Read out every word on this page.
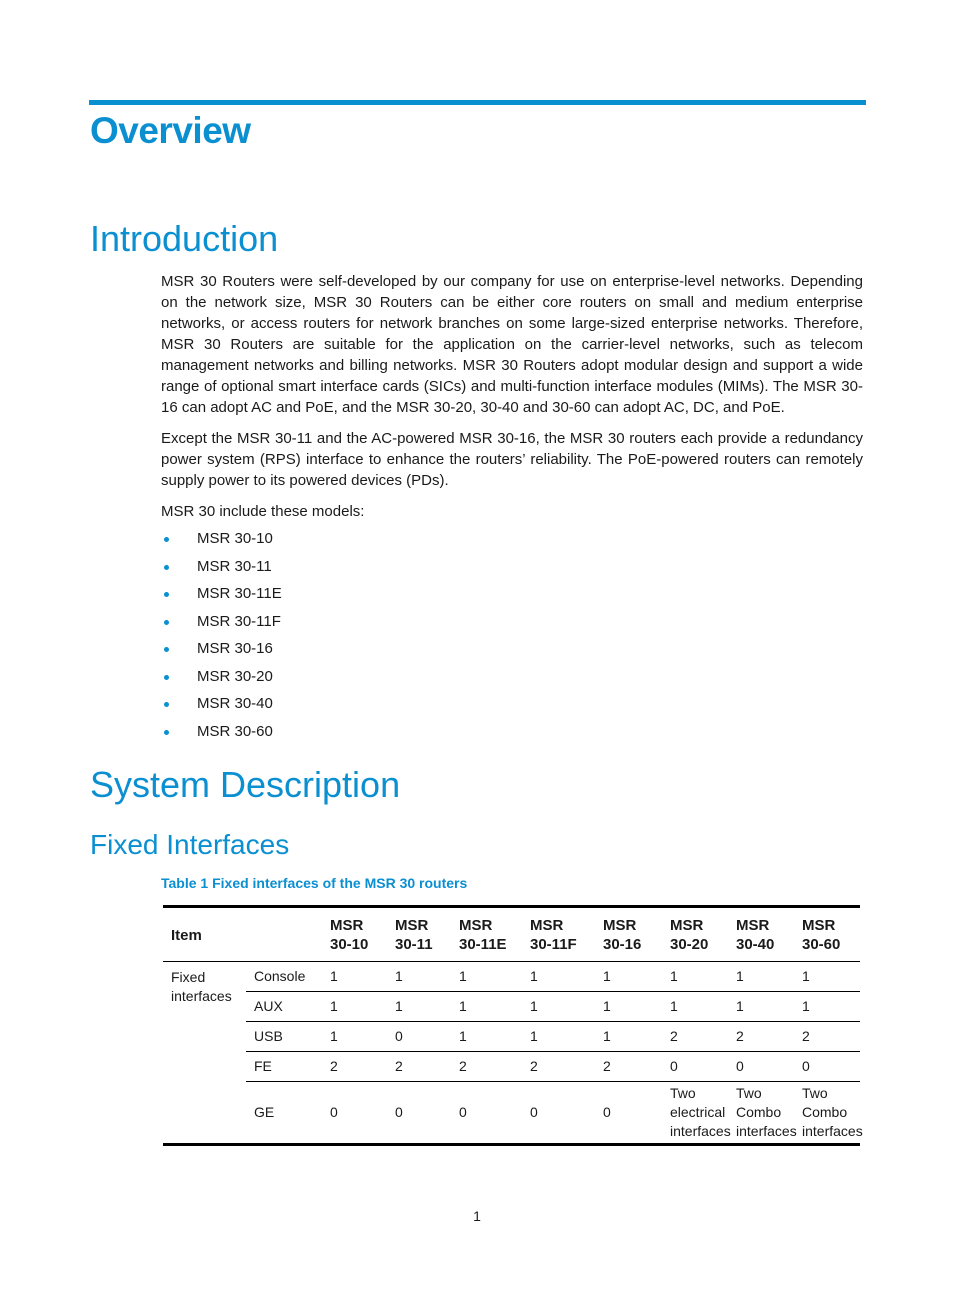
Overview
Introduction

MSR 30 Routers were self-developed by our company for use on enterprise-level networks. Depending on the network size, MSR 30 Routers can be either core routers on small and medium enterprise networks, or access routers for network branches on some large-sized enterprise networks. Therefore, MSR 30 Routers are suitable for the application on the carrier-level networks, such as telecom management networks and billing networks. MSR 30 Routers adopt modular design and support a wide range of optional smart interface cards (SICs) and multi-function interface modules (MIMs). The MSR 30-16 can adopt AC and PoE, and the MSR 30-20, 30-40 and 30-60 can adopt AC, DC, and PoE.

Except the MSR 30-11 and the AC-powered MSR 30-16, the MSR 30 routers each provide a redundancy power system (RPS) interface to enhance the routers’ reliability. The PoE-powered routers can remotely supply power to its powered devices (PDs).

MSR 30 include these models:

MSR 30-10
MSR 30-11
MSR 30-11E
MSR 30-11F
MSR 30-16
MSR 30-20
MSR 30-40
MSR 30-60
System Description
Fixed Interfaces

Table 1 Fixed interfaces of the MSR 30 routers

Item		MSR 30-10	MSR 30-11	MSR 30-11E	MSR 30-11F	MSR 30-16	MSR 30-20	MSR 30-40	MSR 30-60
Fixed interfaces	Console	1	1	1	1	1	1	1	1
	AUX	1	1	1	1	1	1	1	1
	USB	1	0	1	1	1	2	2	2
	FE	2	2	2	2	2	0	0	0
	GE	0	0	0	0	0	Two electrical interfaces	Two Combo interfaces	Two Combo interfaces
1
